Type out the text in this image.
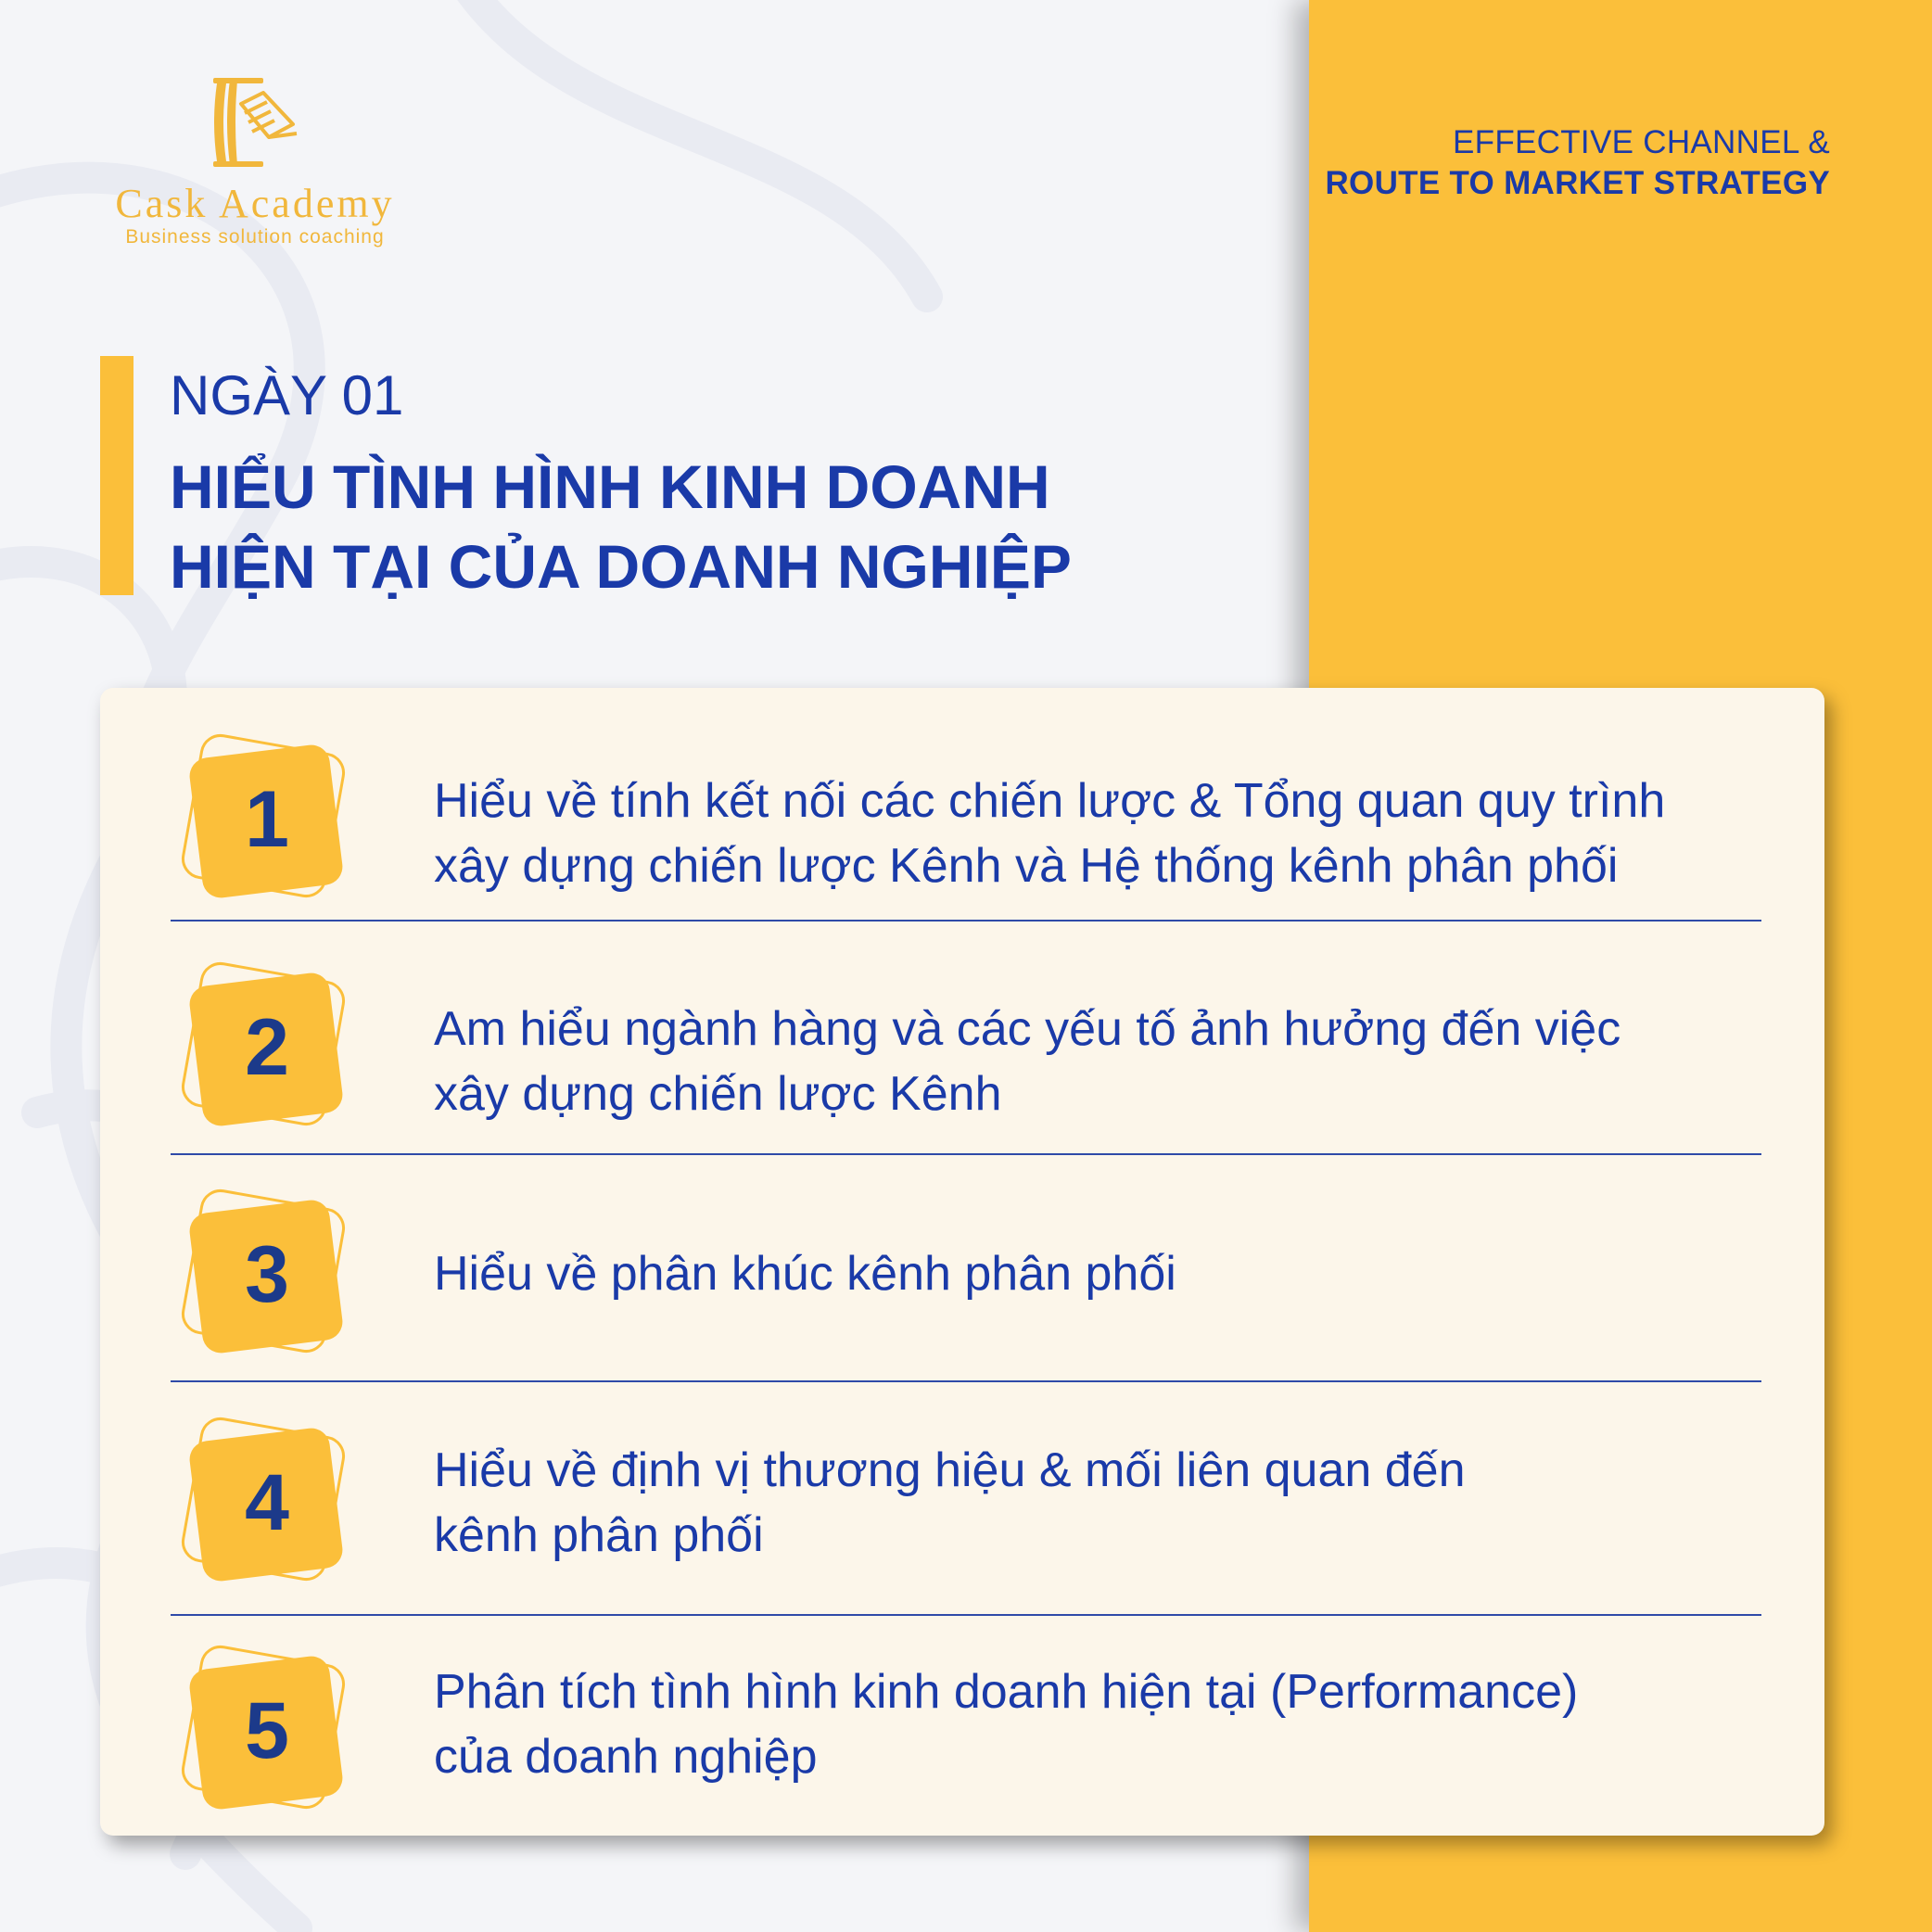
EFFECTIVE CHANNEL &
ROUTE TO MARKET STRATEGY
Cask Academy
Business solution coaching
NGÀY 01
HIỂU TÌNH HÌNH KINH DOANH
HIỆN TẠI CỦA DOANH NGHIỆP
1	Hiểu về tính kết nối các chiến lược & Tổng quan quy trình
xây dựng chiến lược Kênh và Hệ thống kênh phân phối
2	Am hiểu ngành hàng và các yếu tố ảnh hưởng đến việc
xây dựng chiến lược Kênh
3	Hiểu về phân khúc kênh phân phối
4	Hiểu về định vị thương hiệu & mối liên quan đến
kênh phân phối
5	Phân tích tình hình kinh doanh hiện tại (Performance)
của doanh nghiệp
